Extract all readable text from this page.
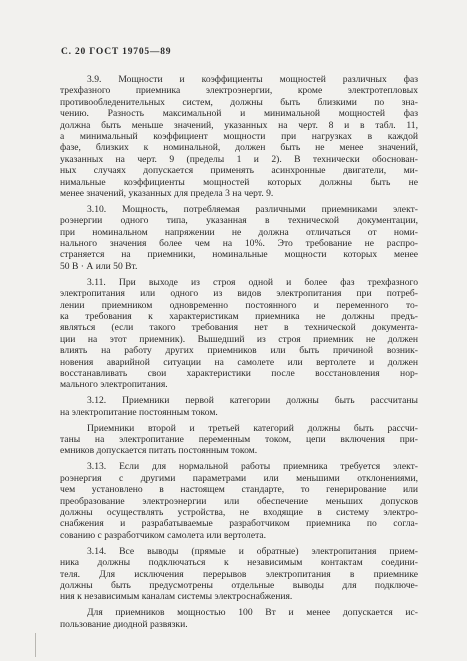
С. 20 ГОСТ 19705—89
3.9. Мощности и коэффициенты мощностей различных фаз
трехфазного приемника электроэнергии, кроме электротепловых
противообледенительных систем, должны быть близкими по зна-
чению. Разность максимальной и минимальной мощностей фаз
должна быть меньше значений, указанных на черт. 8 и в табл. 11,
а минимальный коэффициент мощности при нагрузках в каждой
фазе, близких к номинальной, должен быть не менее значений,
указанных на черт. 9 (пределы 1 и 2). В технически обоснован-
ных случаях допускается применять асинхронные двигатели, ми-
нимальные коэффициенты мощностей которых должны быть не
менее значений, указанных для предела 3 на черт. 9.
3.10. Мощность, потребляемая различными приемниками элект-
роэнергии одного типа, указанная в технической документации,
при номинальном напряжении не должна отличаться от номи-
нального значения более чем на 10%. Это требование не распро-
страняется на приемники, номинальные мощности которых менее
50 В · А или 50 Вт.
3.11. При выходе из строя одной и более фаз трехфазного
электропитания или одного из видов электропитания при потреб-
лении приемником одновременно постоянного и переменного то-
ка требования к характеристикам приемника не должны предъ-
являться (если такого требования нет в технической документа-
ции на этот приемник). Вышедший из строя приемник не должен
влиять на работу других приемников или быть причиной возник-
новения аварийной ситуации на самолете или вертолете и должен
восстанавливать свои характеристики после восстановления нор-
мального электропитания.
3.12. Приемники первой категории должны быть рассчитаны
на электропитание постоянным током.
Приемники второй и третьей категорий должны быть рассчи-
таны на электропитание переменным током, цепи включения при-
емников допускается питать постоянным током.
3.13. Если для нормальной работы приемника требуется элект-
роэнергия с другими параметрами или меньшими отклонениями,
чем установлено в настоящем стандарте, то генерирование или
преобразование электроэнергии или обеспечение меньших допусков
должны осуществлять устройства, не входящие в систему электро-
снабжения и разрабатываемые разработчиком приемника по согла-
сованию с разработчиком самолета или вертолета.
3.14. Все выводы (прямые и обратные) электропитания прием-
ника должны подключаться к независимым контактам соедини-
теля. Для исключения перерывов электропитания в приемнике
должны быть предусмотрены отдельные выводы для подключе-
ния к независимым каналам системы электроснабжения.
Для приемников мощностью 100 Вт и менее допускается ис-
пользование диодной развязки.
